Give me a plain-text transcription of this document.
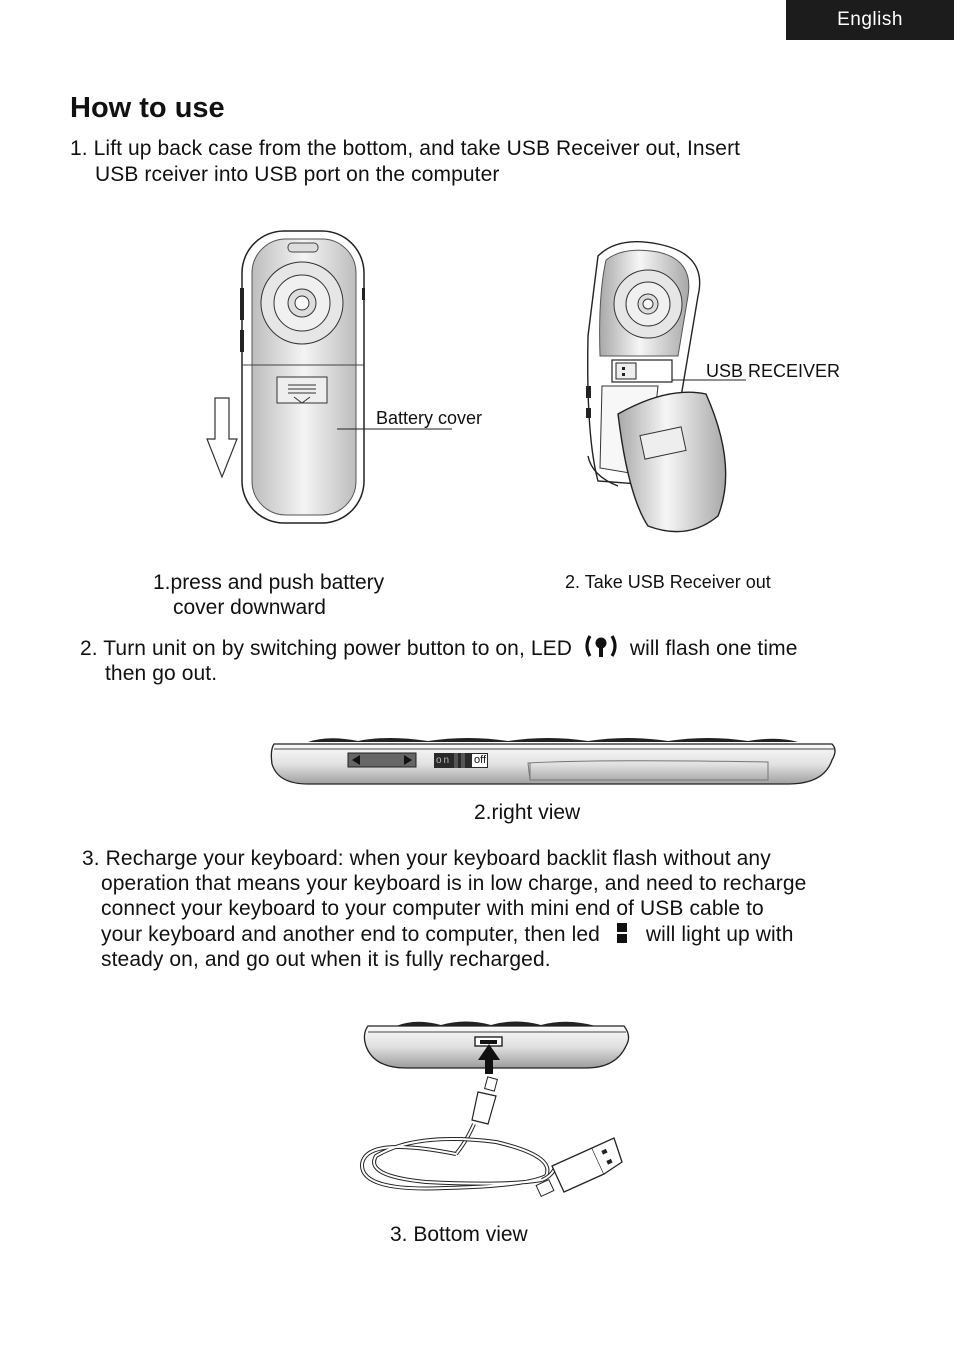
English
How to use

1. Lift up back case from the bottom, and take USB Receiver out, Insert

USB rceiver into USB port on the computer

Battery cover

USB RECEIVER

1.press and push battery

cover downward

2. Take USB Receiver out

2. Turn unit on by switching power button to on, LED	will flash one time

then go out.

on off

2.right view

3. Recharge your keyboard: when your keyboard backlit flash without any

operation that means your keyboard is in low charge, and need to recharge

connect your keyboard to your computer with mini end of USB cable to

your keyboard and another end to computer, then led will light up with

steady on, and go out when it is fully recharged.

3. Bottom view
